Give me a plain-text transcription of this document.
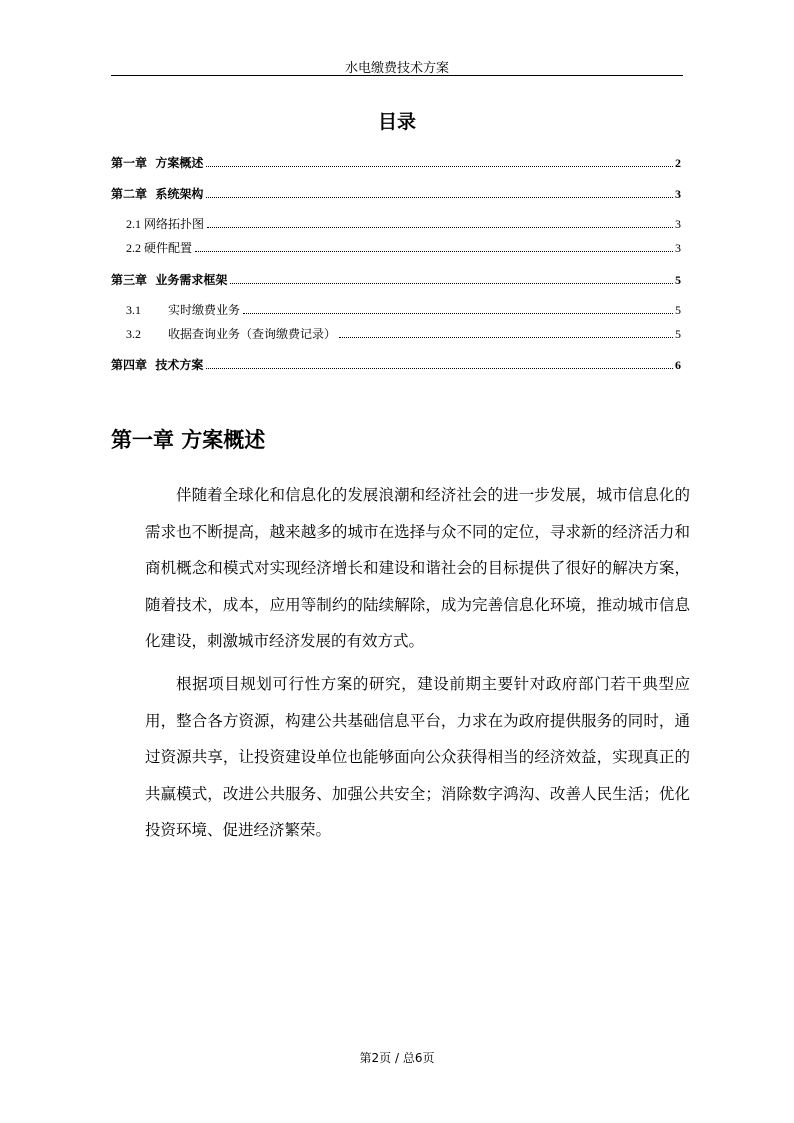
水电缴费技术方案
目录
第一章  方案概述	2
第二章  系统架构	3
2.1 网络拓扑图	3
2.2 硬件配置	3
第三章  业务需求框架	5
3.1	实时缴费业务	5
3.2	收据查询业务（查询缴费记录）	5
第四章  技术方案	6
第一章 方案概述

伴随着全球化和信息化的发展浪潮和经济社会的进一步发展，城市信息化的需求也不断提高，越来越多的城市在选择与众不同的定位，寻求新的经济活力和商机概念和模式对实现经济增长和建设和谐社会的目标提供了很好的解决方案，随着技术，成本，应用等制约的陆续解除，成为完善信息化环境，推动城市信息化建设，刺激城市经济发展的有效方式。

根据项目规划可行性方案的研究，建设前期主要针对政府部门若干典型应用，整合各方资源，构建公共基础信息平台，力求在为政府提供服务的同时，通过资源共享，让投资建设单位也能够面向公众获得相当的经济效益，实现真正的共赢模式，改进公共服务、加强公共安全；消除数字鸿沟、改善人民生活；优化投资环境、促进经济繁荣。

第2页 / 总6页
